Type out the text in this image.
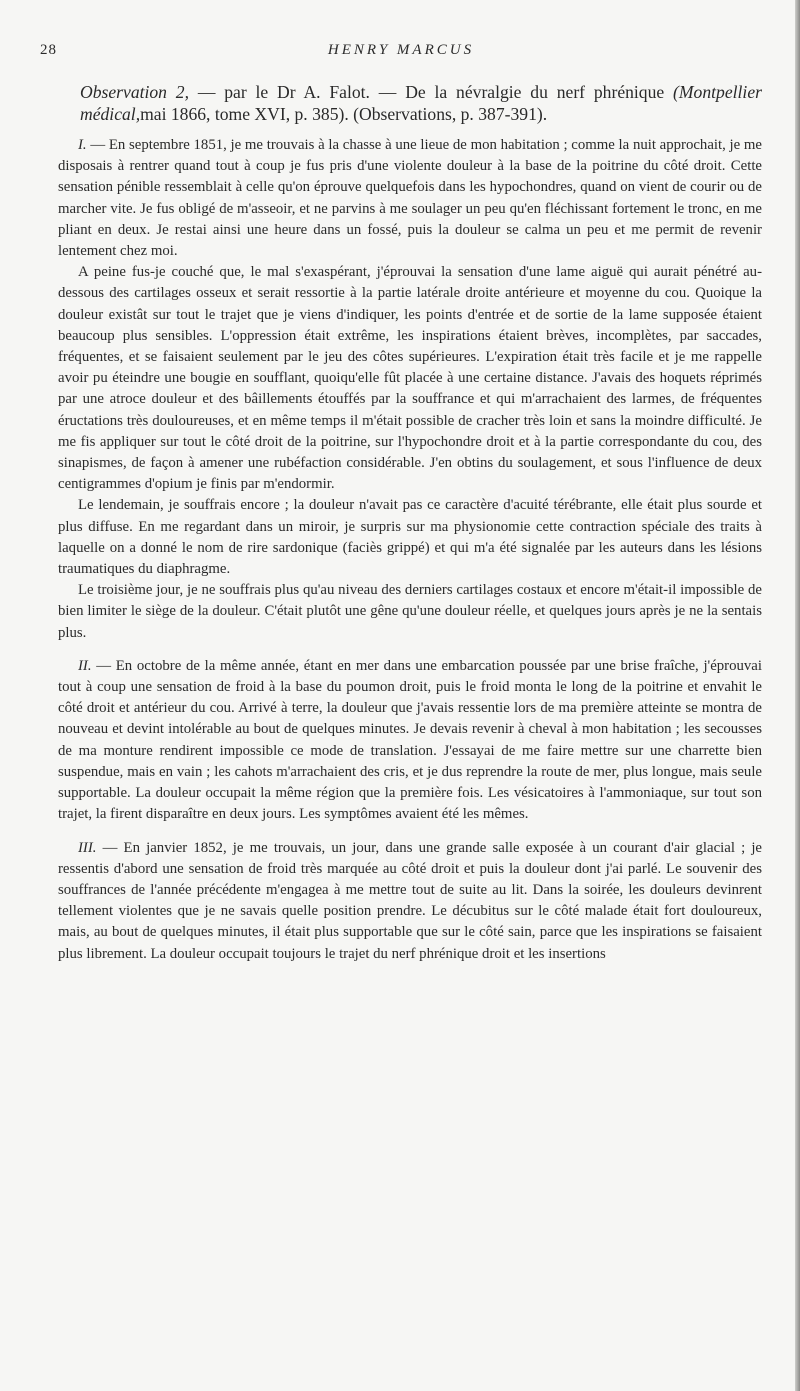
28	HENRY MARCUS

Observation 2, — par le Dr A. Falot. — De la névralgie du nerf phrénique (Montpellier médical,mai 1866, tome XVI, p. 385). (Observations, p. 387-391).

I. — En septembre 1851, je me trouvais à la chasse à une lieue de mon habitation ; comme la nuit approchait, je me disposais à rentrer quand tout à coup je fus pris d'une violente douleur à la base de la poitrine du côté droit. Cette sensation pénible ressemblait à celle qu'on éprouve quelquefois dans les hypochondres, quand on vient de courir ou de marcher vite. Je fus obligé de m'asseoir, et ne parvins à me soulager un peu qu'en fléchissant fortement le tronc, en me pliant en deux. Je restai ainsi une heure dans un fossé, puis la douleur se calma un peu et me permit de revenir lentement chez moi.

A peine fus-je couché que, le mal s'exaspérant, j'éprouvai la sensation d'une lame aiguë qui aurait pénétré au-dessous des cartilages osseux et serait ressortie à la partie latérale droite antérieure et moyenne du cou. Quoique la douleur existât sur tout le trajet que je viens d'indiquer, les points d'entrée et de sortie de la lame supposée étaient beaucoup plus sensibles. L'oppression était extrême, les inspirations étaient brèves, incomplètes, par saccades, fréquentes, et se faisaient seulement par le jeu des côtes supérieures. L'expiration était très facile et je me rappelle avoir pu éteindre une bougie en soufflant, quoiqu'elle fût placée à une certaine distance. J'avais des hoquets réprimés par une atroce douleur et des bâillements étouffés par la souffrance et qui m'arrachaient des larmes, de fréquentes éructations très douloureuses, et en même temps il m'était possible de cracher très loin et sans la moindre difficulté. Je me fis appliquer sur tout le côté droit de la poitrine, sur l'hypochondre droit et à la partie correspondante du cou, des sinapismes, de façon à amener une rubéfaction considérable. J'en obtins du soulagement, et sous l'influence de deux centigrammes d'opium je finis par m'endormir.

Le lendemain, je souffrais encore ; la douleur n'avait pas ce caractère d'acuité térébrante, elle était plus sourde et plus diffuse. En me regardant dans un miroir, je surpris sur ma physionomie cette contraction spéciale des traits à laquelle on a donné le nom de rire sardonique (faciès grippé) et qui m'a été signalée par les auteurs dans les lésions traumatiques du diaphragme.

Le troisième jour, je ne souffrais plus qu'au niveau des derniers cartilages costaux et encore m'était-il impossible de bien limiter le siège de la douleur. C'était plutôt une gêne qu'une douleur réelle, et quelques jours après je ne la sentais plus.

II. — En octobre de la même année, étant en mer dans une embarcation poussée par une brise fraîche, j'éprouvai tout à coup une sensation de froid à la base du poumon droit, puis le froid monta le long de la poitrine et envahit le côté droit et antérieur du cou. Arrivé à terre, la douleur que j'avais ressentie lors de ma première atteinte se montra de nouveau et devint intolérable au bout de quelques minutes. Je devais revenir à cheval à mon habitation ; les secousses de ma monture rendirent impossible ce mode de translation. J'essayai de me faire mettre sur une charrette bien suspendue, mais en vain ; les cahots m'arrachaient des cris, et je dus reprendre la route de mer, plus longue, mais seule supportable. La douleur occupait la même région que la première fois. Les vésicatoires à l'ammoniaque, sur tout son trajet, la firent disparaître en deux jours. Les symptômes avaient été les mêmes.

III. — En janvier 1852, je me trouvais, un jour, dans une grande salle exposée à un courant d'air glacial ; je ressentis d'abord une sensation de froid très marquée au côté droit et puis la douleur dont j'ai parlé. Le souvenir des souffrances de l'année précédente m'engagea à me mettre tout de suite au lit. Dans la soirée, les douleurs devinrent tellement violentes que je ne savais quelle position prendre. Le décubitus sur le côté malade était fort douloureux, mais, au bout de quelques minutes, il était plus supportable que sur le côté sain, parce que les inspirations se faisaient plus librement. La douleur occupait toujours le trajet du nerf phrénique droit et les insertions
